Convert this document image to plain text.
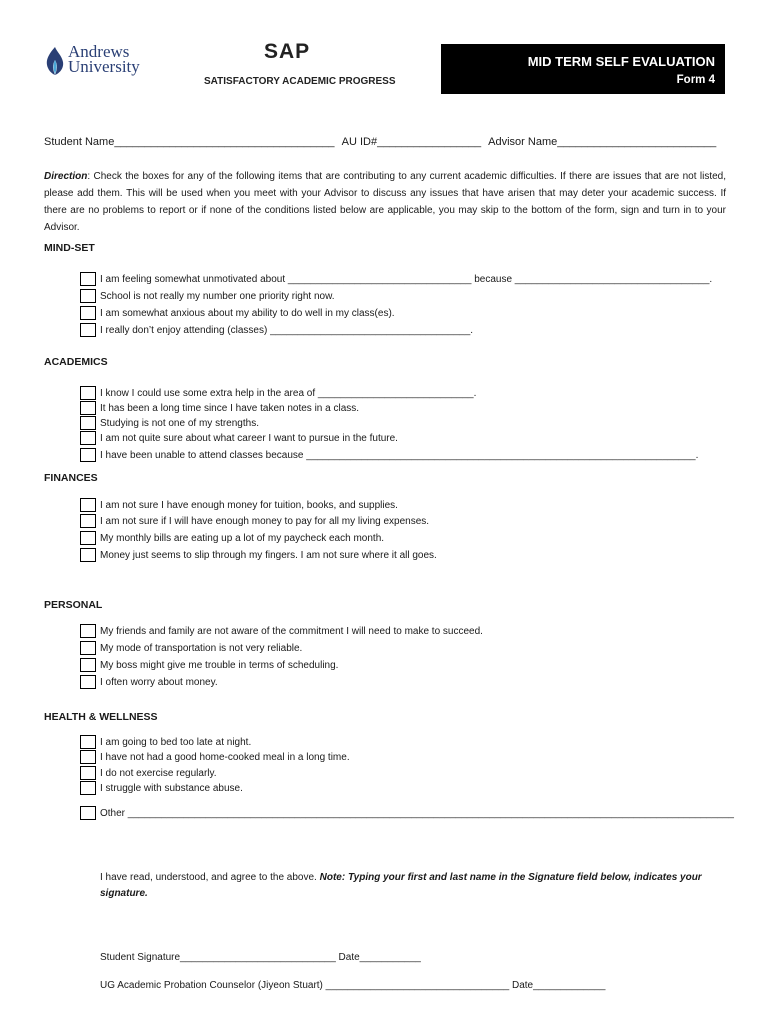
Andrews
University
SAP
SATISFACTORY ACADEMIC PROGRESS
MID TERM SELF EVALUATION
Form 4
Student Name____________________________________ AU ID#_________________ Advisor Name__________________________
Direction: Check the boxes for any of the following items that are contributing to any current academic difficulties. If there are issues that are not listed, please add them. This will be used when you meet with your Advisor to discuss any issues that have arisen that may deter your academic success. If there are no problems to report or if none of the conditions listed below are applicable, you may skip to the bottom of the form, sign and turn in to your Advisor.
MIND-SET
I am feeling somewhat unmotivated about _________________________________ because ___________________________________.
School is not really my number one priority right now.
I am somewhat anxious about my ability to do well in my class(es).
I really don’t enjoy attending (classes) ____________________________________.
ACADEMICS
I know I could use some extra help in the area of ____________________________.
It has been a long time since I have taken notes in a class.
Studying is not one of my strengths.
I am not quite sure about what career I want to pursue in the future.
I have been unable to attend classes because ______________________________________________________________________.
FINANCES
I am not sure I have enough money for tuition, books, and supplies.
I am not sure if I will have enough money to pay for all my living expenses.
My monthly bills are eating up a lot of my paycheck each month.
Money just seems to slip through my fingers. I am not sure where it all goes.
PERSONAL
My friends and family are not aware of the commitment I will need to make to succeed.
My mode of transportation is not very reliable.
My boss might give me trouble in terms of scheduling.
I often worry about money.
HEALTH & WELLNESS
I am going to bed too late at night.
I have not had a good home-cooked meal in a long time.
I do not exercise regularly.
I struggle with substance abuse.
Other _____________________________________________________________________________________________________________
I have read, understood, and agree to the above. Note: Typing your first and last name in the Signature field below, indicates your signature.
Student Signature____________________________ Date___________
UG Academic Probation Counselor (Jiyeon Stuart) _________________________________ Date_____________
